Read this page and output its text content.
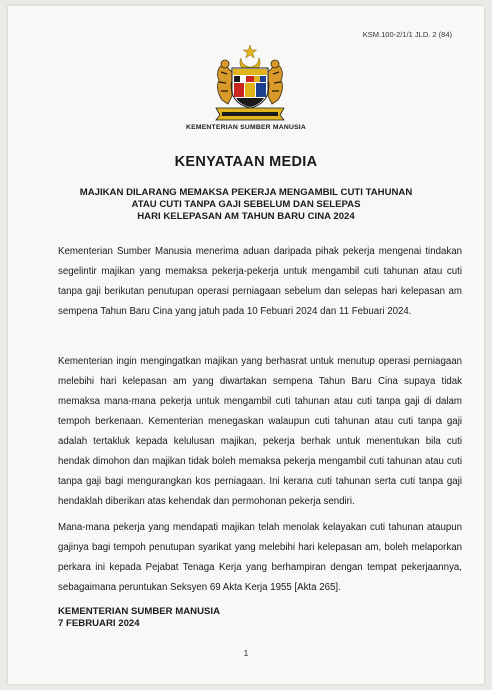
KSM.100-2/1/1 JLD. 2 (84)
KEMENTERIAN SUMBER MANUSIA
KENYATAAN MEDIA
MAJIKAN DILARANG MEMAKSA PEKERJA MENGAMBIL CUTI TAHUNAN
ATAU CUTI TANPA GAJI SEBELUM DAN SELEPAS
HARI KELEPASAN AM TAHUN BARU CINA 2024
Kementerian Sumber Manusia menerima aduan daripada pihak pekerja mengenai tindakan segelintir majikan yang memaksa pekerja-pekerja untuk mengambil cuti tahunan atau cuti tanpa gaji berikutan penutupan operasi perniagaan sebelum dan selepas hari kelepasan am sempena Tahun Baru Cina yang jatuh pada 10 Febuari 2024 dan 11 Febuari 2024.
Kementerian ingin mengingatkan majikan yang berhasrat untuk menutup operasi perniagaan melebihi hari kelepasan am yang diwartakan sempena Tahun Baru Cina supaya tidak memaksa mana-mana pekerja untuk mengambil cuti tahunan atau cuti tanpa gaji di dalam tempoh berkenaan. Kementerian menegaskan walaupun cuti tahunan atau cuti tanpa gaji adalah tertakluk kepada kelulusan majikan, pekerja berhak untuk menentukan bila cuti hendak dimohon dan majikan tidak boleh memaksa pekerja mengambil cuti tahunan atau cuti tanpa gaji bagi mengurangkan kos perniagaan. Ini kerana cuti tahunan serta cuti tanpa gaji hendaklah diberikan atas kehendak dan permohonan pekerja sendiri.
Mana-mana pekerja yang mendapati majikan telah menolak kelayakan cuti tahunan ataupun gajinya bagi tempoh penutupan syarikat yang melebihi hari kelepasan am, boleh melaporkan perkara ini kepada Pejabat Tenaga Kerja yang berhampiran dengan tempat pekerjaannya, sebagaimana peruntukan Seksyen 69 Akta Kerja 1955 [Akta 265].
KEMENTERIAN SUMBER MANUSIA
7 FEBRUARI 2024
1
